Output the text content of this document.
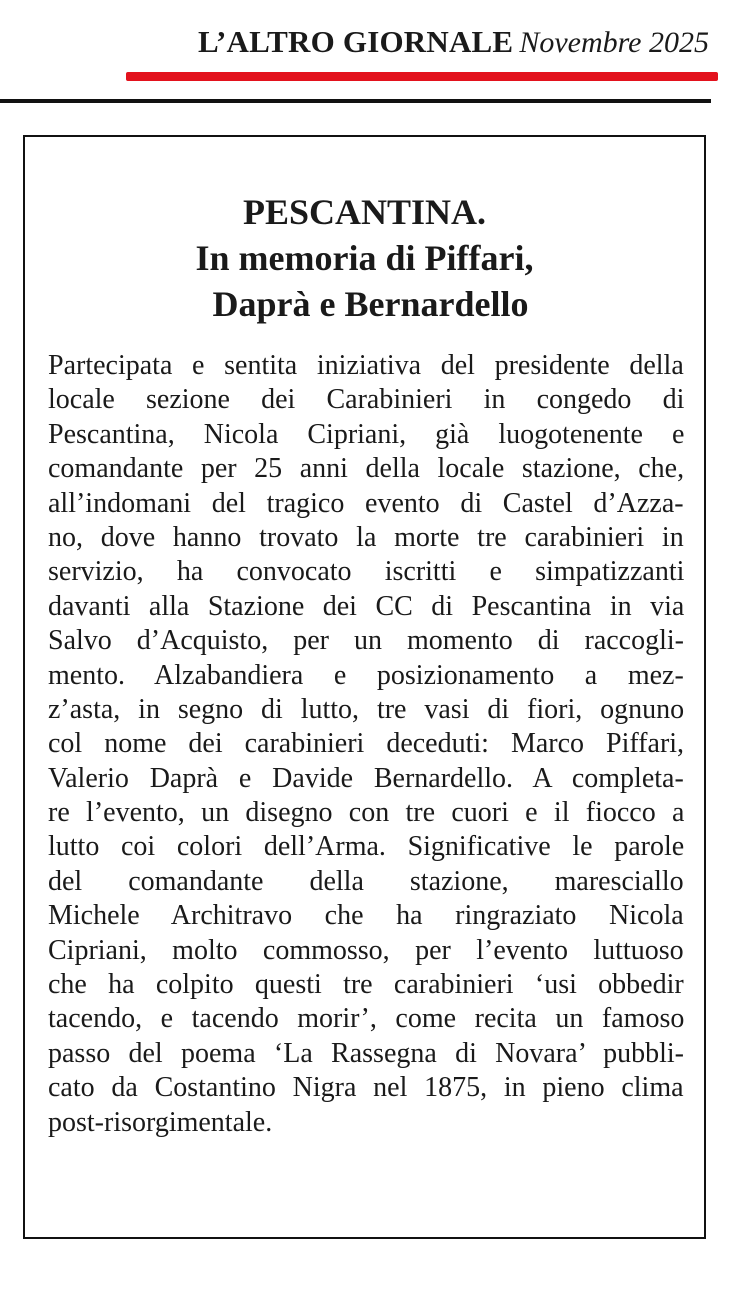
L’ALTRO GIORNALE Novembre 2025
PESCANTINA.
In memoria di Piffari,
Daprà e Bernardello
Partecipata e sentita iniziativa del presidente della
locale sezione dei Carabinieri in congedo di
Pescantina, Nicola Cipriani, già luogotenente e
comandante per 25 anni della locale stazione, che,
all’indomani del tragico evento di Castel d’Azza-
no, dove hanno trovato la morte tre carabinieri in
servizio, ha convocato iscritti e simpatizzanti
davanti alla Stazione dei CC di Pescantina in via
Salvo d’Acquisto, per un momento di raccogli-
mento. Alzabandiera e posizionamento a mez-
z’asta, in segno di lutto, tre vasi di fiori, ognuno
col nome dei carabinieri deceduti: Marco Piffari,
Valerio Daprà e Davide Bernardello. A completa-
re l’evento, un disegno con tre cuori e il fiocco a
lutto coi colori dell’Arma. Significative le parole
del comandante della stazione, maresciallo
Michele Architravo che ha ringraziato Nicola
Cipriani, molto commosso, per l’evento luttuoso
che ha colpito questi tre carabinieri ‘usi obbedir
tacendo, e tacendo morir’, come recita un famoso
passo del poema ‘La Rassegna di Novara’ pubbli-
cato da Costantino Nigra nel 1875, in pieno clima
post-risorgimentale.
